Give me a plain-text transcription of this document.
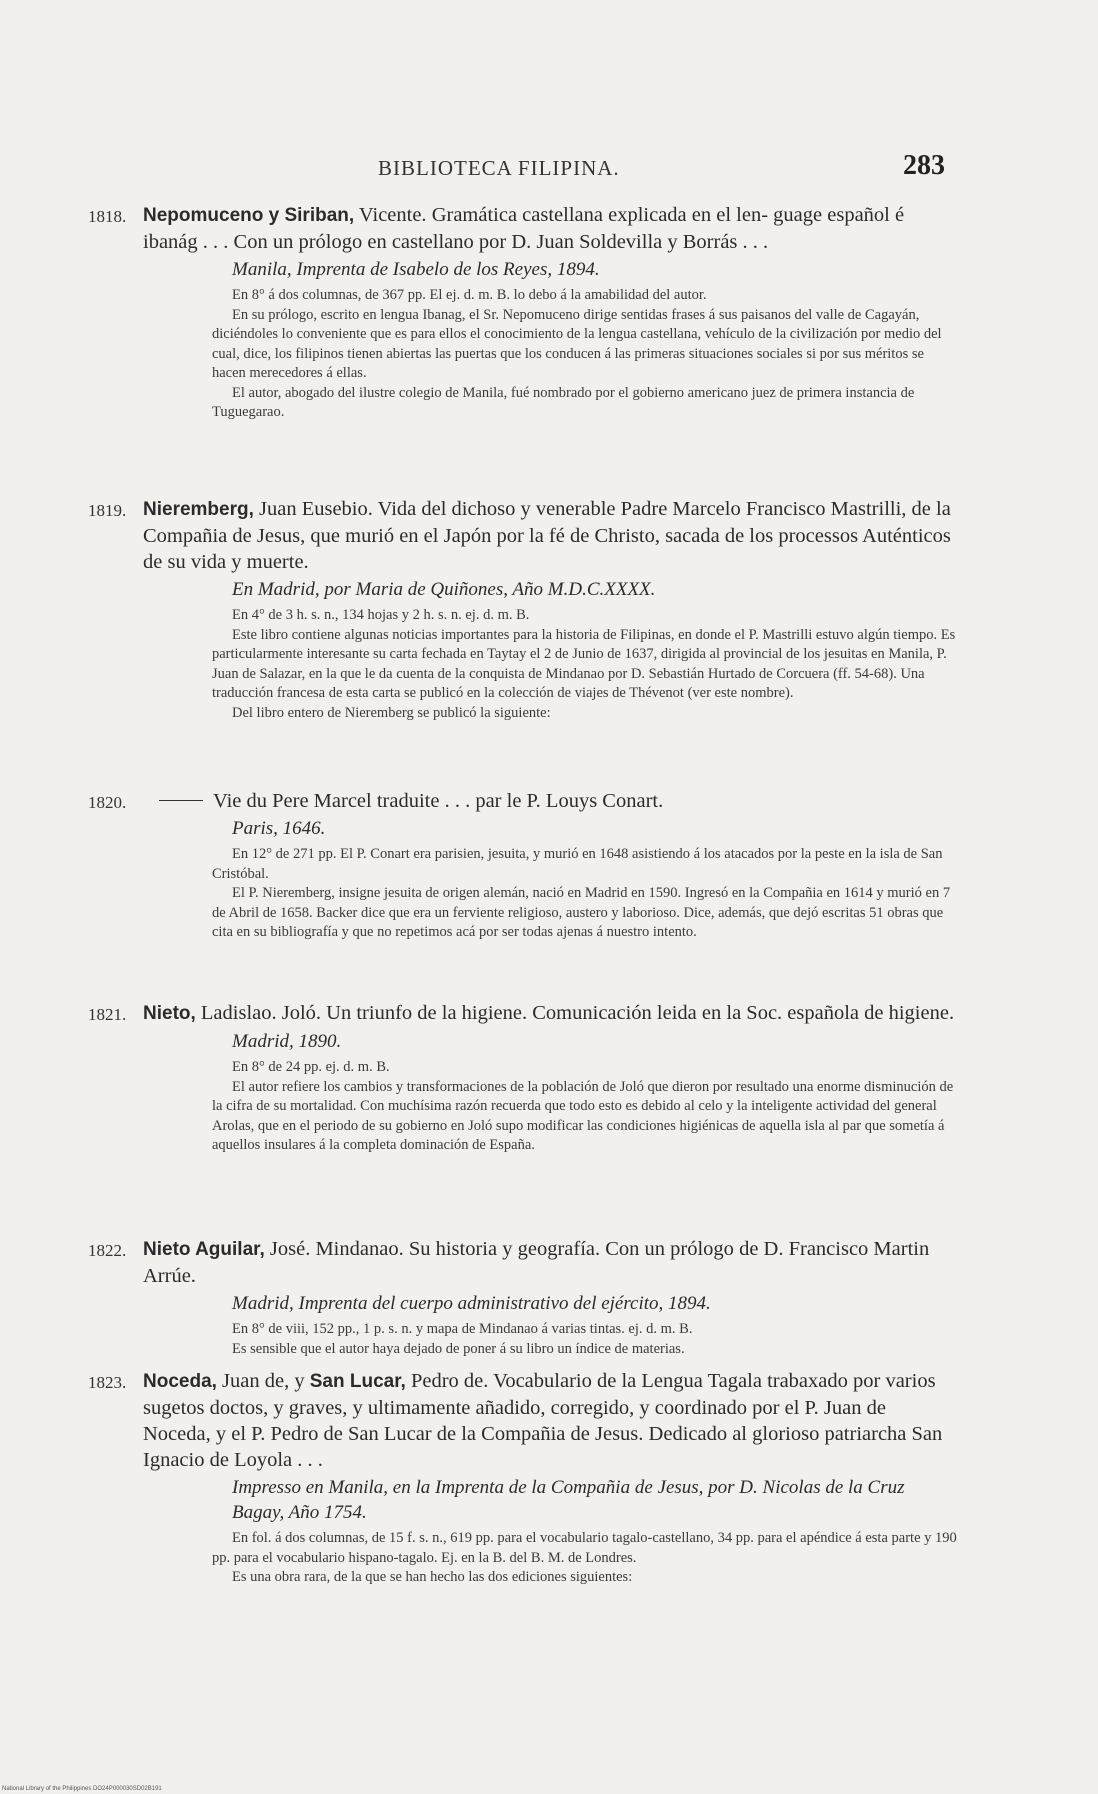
BIBLIOTECA FILIPINA.	283
1818. Nepomuceno y Siriban, Vicente. Gramática castellana explicada en el len- guage español é ibanág . . . Con un prólogo en castellano por D. Juan Soldevilla y Borrás . . .

Manila, Imprenta de Isabelo de los Reyes, 1894.

En 8° á dos columnas, de 367 pp. El ej. d. m. B. lo debo á la amabilidad del autor.

En su prólogo, escrito en lengua Ibanag, el Sr. Nepomuceno dirige sentidas frases á sus paisanos del valle de Cagayán, diciéndoles lo conveniente que es para ellos el conocimiento de la lengua castellana, vehículo de la civilización por medio del cual, dice, los filipinos tienen abiertas las puertas que los conducen á las primeras situaciones sociales si por sus méritos se hacen merecedores á ellas.

El autor, abogado del ilustre colegio de Manila, fué nombrado por el gobierno americano juez de primera instancia de Tuguegarao.

1819. Nieremberg, Juan Eusebio. Vida del dichoso y venerable Padre Marcelo Francisco Mastrilli, de la Compañia de Jesus, que murió en el Japón por la fé de Christo, sacada de los processos Auténticos de su vida y muerte.

En Madrid, por Maria de Quiñones, Año M.D.C.XXXX.

En 4° de 3 h. s. n., 134 hojas y 2 h. s. n. ej. d. m. B.

Este libro contiene algunas noticias importantes para la historia de Filipinas, en donde el P. Mastrilli estuvo algún tiempo. Es particularmente interesante su carta fechada en Taytay el 2 de Junio de 1637, dirigida al provincial de los jesuitas en Manila, P. Juan de Salazar, en la que le da cuenta de la conquista de Mindanao por D. Sebastián Hurtado de Corcuera (ff. 54-68). Una traducción francesa de esta carta se publicó en la colección de viajes de Thévenot (ver este nombre).

Del libro entero de Nieremberg se publicó la siguiente:

1820.	Vie du Pere Marcel traduite . . . par le P. Louys Conart.

Paris, 1646.

En 12° de 271 pp. El P. Conart era parisien, jesuita, y murió en 1648 asistiendo á los atacados por la peste en la isla de San Cristóbal.

El P. Nieremberg, insigne jesuita de origen alemán, nació en Madrid en 1590. Ingresó en la Compañia en 1614 y murió en 7 de Abril de 1658. Backer dice que era un ferviente religioso, austero y laborioso. Dice, además, que dejó escritas 51 obras que cita en su bibliografía y que no repetimos acá por ser todas ajenas á nuestro intento.

1821. Nieto, Ladislao. Joló. Un triunfo de la higiene. Comunicación leida en la Soc. española de higiene.

Madrid, 1890.

En 8° de 24 pp. ej. d. m. B.

El autor refiere los cambios y transformaciones de la población de Joló que dieron por resultado una enorme disminución de la cifra de su mortalidad. Con muchísima razón recuerda que todo esto es debido al celo y la inteligente actividad del general Arolas, que en el periodo de su gobierno en Joló supo modificar las condiciones higiénicas de aquella isla al par que sometía á aquellos insulares á la completa dominación de España.

1822. Nieto Aguilar, José. Mindanao. Su historia y geografía. Con un prólogo de D. Francisco Martin Arrúe.

Madrid, Imprenta del cuerpo administrativo del ejército, 1894.

En 8° de viii, 152 pp., 1 p. s. n. y mapa de Mindanao á varias tintas. ej. d. m. B.

Es sensible que el autor haya dejado de poner á su libro un índice de materias.

1823. Noceda, Juan de, y San Lucar, Pedro de. Vocabulario de la Lengua Tagala trabaxado por varios sugetos doctos, y graves, y ultimamente añadido, corregido, y coordinado por el P. Juan de Noceda, y el P. Pedro de San Lucar de la Compañia de Jesus. Dedicado al glorioso patriarcha San Ignacio de Loyola . . .

Impresso en Manila, en la Imprenta de la Compañia de Jesus, por D. Nicolas de la Cruz Bagay, Año 1754.

En fol. á dos columnas, de 15 f. s. n., 619 pp. para el vocabulario tagalo-castellano, 34 pp. para el apéndice á esta parte y 190 pp. para el vocabulario hispano-tagalo. Ej. en la B. del B. M. de Londres.

Es una obra rara, de la que se han hecho las dos ediciones siguientes:

National Library of the Philippines DO24P000030SD02B191
